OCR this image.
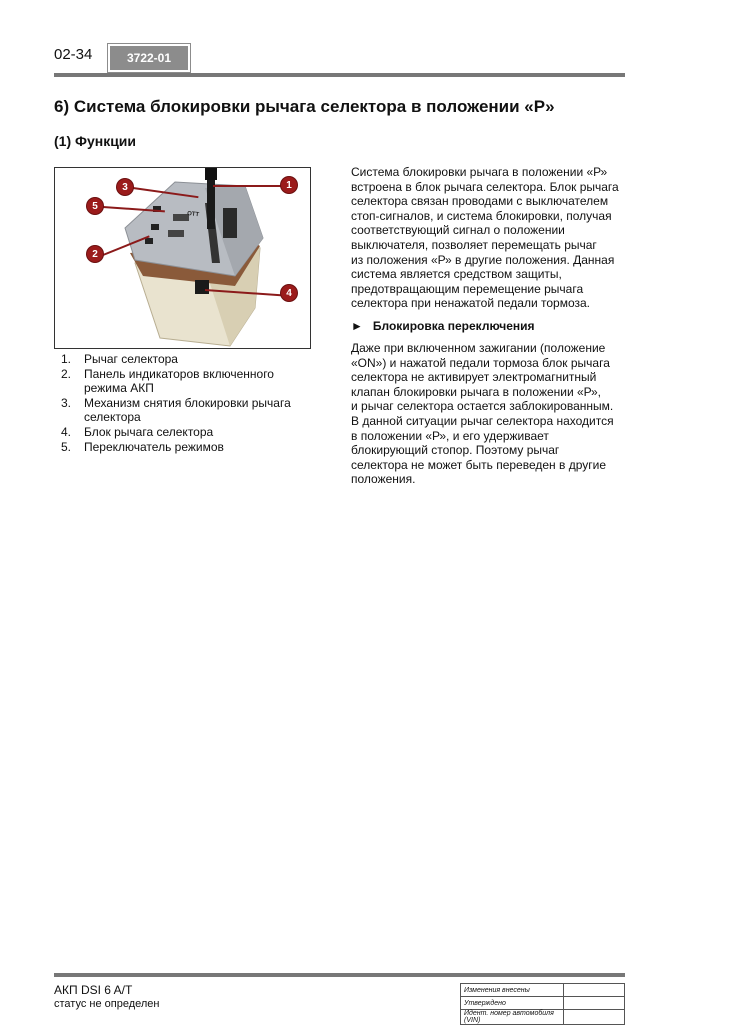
02-34	3722-01
6) Система блокировки рычага селектора в положении «Р»
(1) Функции
OTT
1
3
5
2
4
1.	Рычаг селектора
2.	Панель индикаторов включенного
режима АКП
3.	Механизм снятия блокировки рычага
селектора
4.	Блок рычага селектора
5.	Переключатель режимов
Система блокировки рычага в положении «Р»
встроена в блок рычага селектора. Блок рычага
селектора связан проводами с выключателем
стоп-сигналов, и система блокировки, получая
соответствующий сигнал о положении
выключателя, позволяет перемещать рычаг
из положения «Р» в другие положения. Данная
система является средством защиты,
предотвращающим перемещение рычага
селектора при ненажатой педали тормоза.
► Блокировка переключения
Даже при включенном зажигании (положение
«ON») и нажатой педали тормоза блок рычага
селектора не активирует электромагнитный
клапан блокировки рычага в положении «Р»,
и рычаг селектора остается заблокированным.
В данной ситуации рычаг селектора находится
в положении «Р», и его удерживает
блокирующий стопор. Поэтому рычаг
селектора не может быть переведен в другие
положения.
АКП DSI 6 A/T
статус не определен
Изменения внесены	
Утверждено	
Идент. номер автомобиля (VIN)	
